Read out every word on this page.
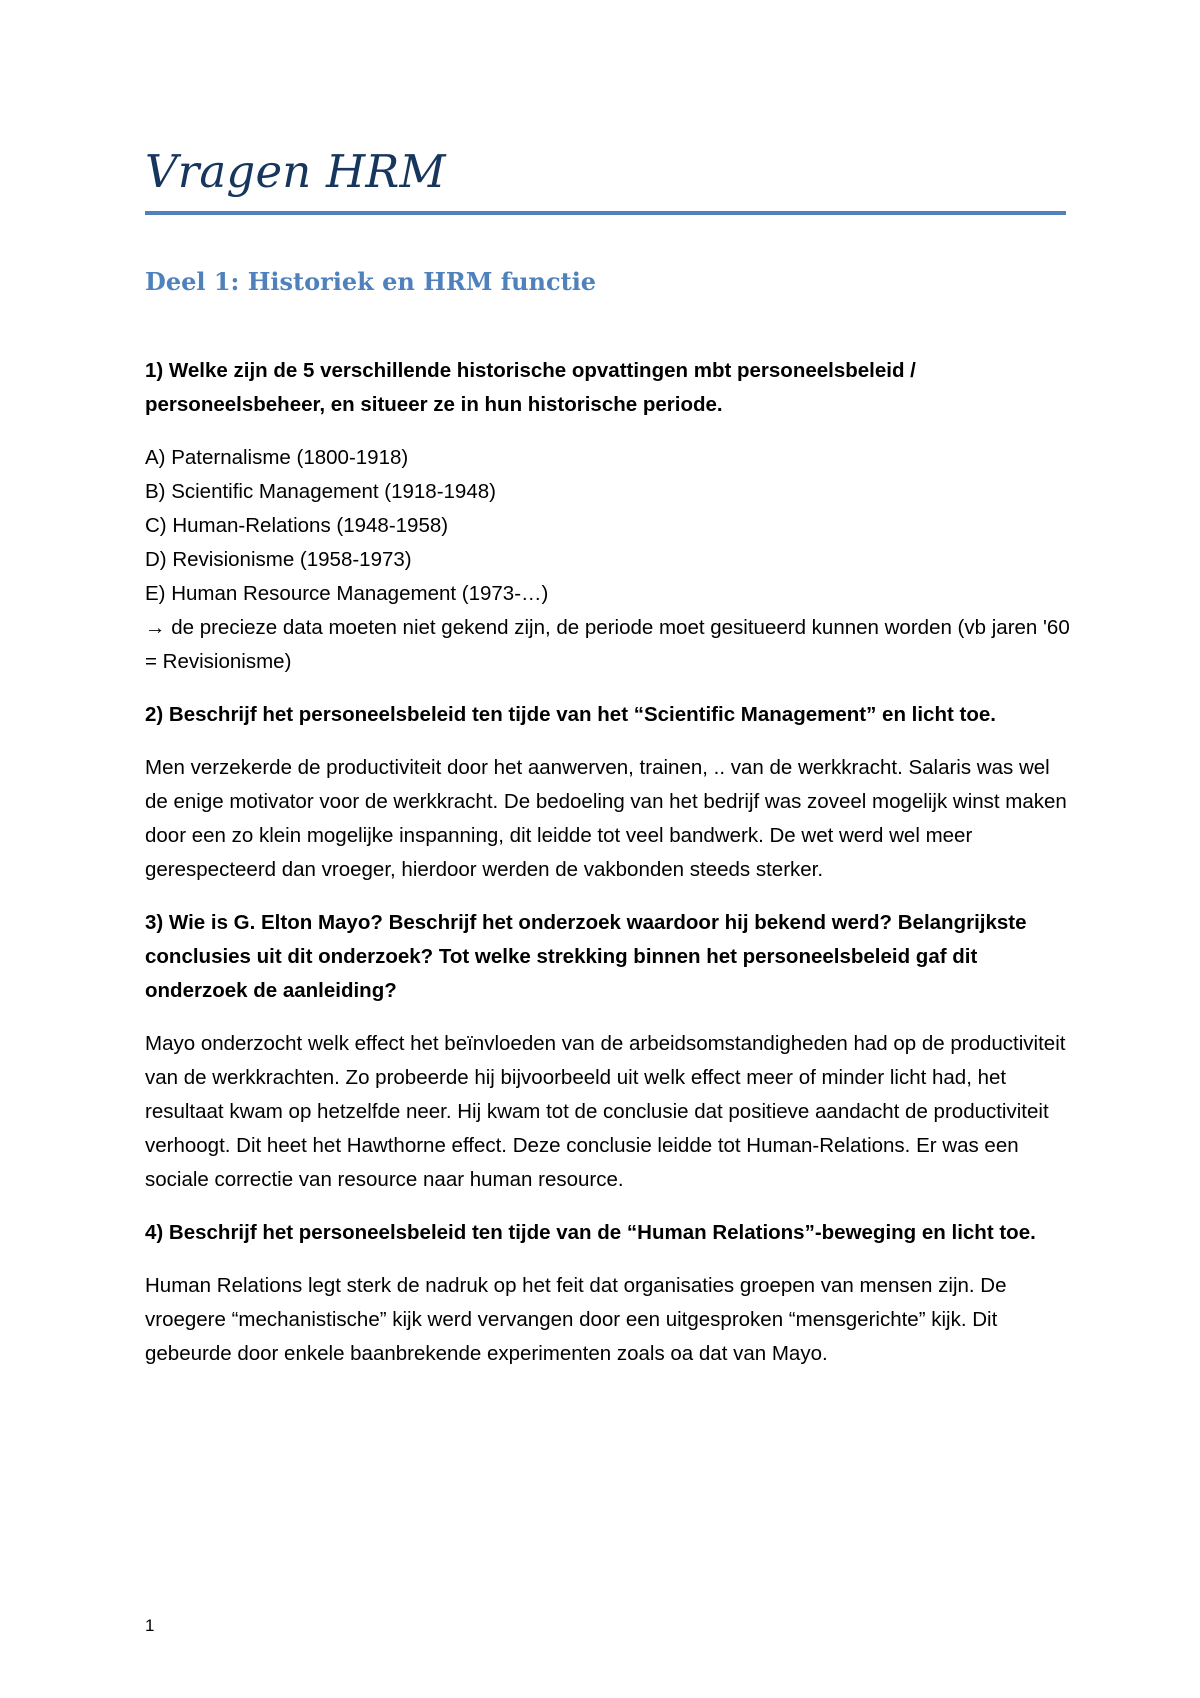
Vragen HRM
Deel 1: Historiek en HRM functie

1) Welke zijn de 5 verschillende historische opvattingen mbt personeelsbeleid / personeelsbeheer, en situeer ze in hun historische periode.

A) Paternalisme (1800-1918)
B) Scientific Management (1918-1948)
C) Human-Relations (1948-1958)
D) Revisionisme (1958-1973)
E) Human Resource Management (1973-…)

→ de precieze data moeten niet gekend zijn, de periode moet gesitueerd kunnen worden (vb jaren '60 = Revisionisme)

2) Beschrijf het personeelsbeleid ten tijde van het “Scientific Management” en licht toe.

Men verzekerde de productiviteit door het aanwerven, trainen, .. van de werkkracht. Salaris was wel de enige motivator voor de werkkracht. De bedoeling van het bedrijf was zoveel mogelijk winst maken door een zo klein mogelijke inspanning, dit leidde tot veel bandwerk. De wet werd wel meer gerespecteerd dan vroeger, hierdoor werden de vakbonden steeds sterker.

3) Wie is G. Elton Mayo? Beschrijf het onderzoek waardoor hij bekend werd? Belangrijkste conclusies uit dit onderzoek? Tot welke strekking binnen het personeelsbeleid gaf dit onderzoek de aanleiding?

Mayo onderzocht welk effect het beïnvloeden van de arbeidsomstandigheden had op de productiviteit van de werkkrachten. Zo probeerde hij bijvoorbeeld uit welk effect meer of minder licht had, het resultaat kwam op hetzelfde neer. Hij kwam tot de conclusie dat positieve aandacht de productiviteit verhoogt. Dit heet het Hawthorne effect. Deze conclusie leidde tot Human-Relations. Er was een sociale correctie van resource naar human resource.

4) Beschrijf het personeelsbeleid ten tijde van de “Human Relations”-beweging en licht toe.

Human Relations legt sterk de nadruk op het feit dat organisaties groepen van mensen zijn. De vroegere “mechanistische” kijk werd vervangen door een uitgesproken “mensgerichte” kijk. Dit gebeurde door enkele baanbrekende experimenten zoals oa dat van Mayo.

1
